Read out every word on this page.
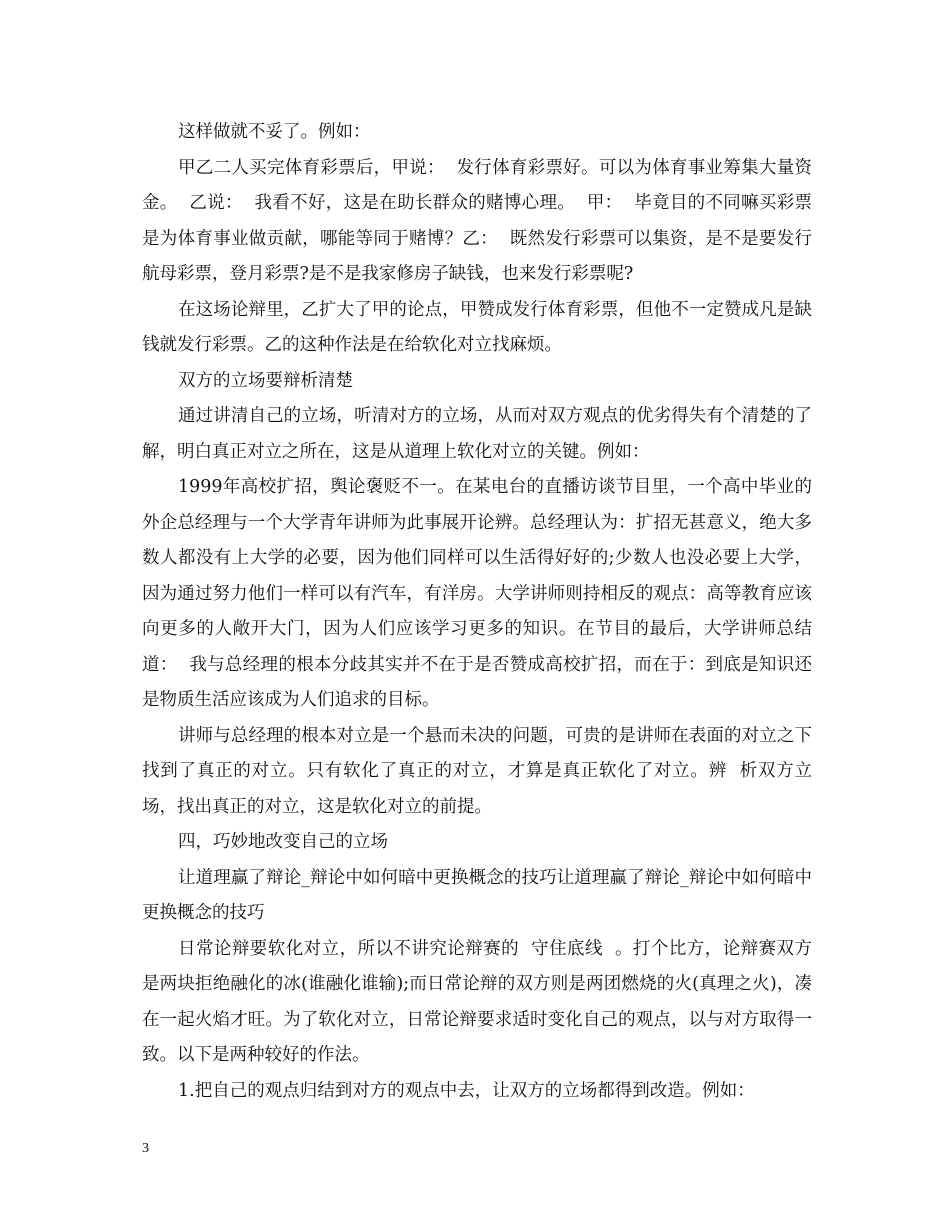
这样做就不妥了。例如：

甲乙二人买完体育彩票后，甲说：  发行体育彩票好。可以为体育事业筹集大量资金。  乙说：  我看不好，这是在助长群众的赌博心理。  甲：  毕竟目的不同嘛买彩票是为体育事业做贡献，哪能等同于赌博？乙：  既然发行彩票可以集资，是不是要发行航母彩票，登月彩票?是不是我家修房子缺钱，也来发行彩票呢?

在这场论辩里，乙扩大了甲的论点，甲赞成发行体育彩票，但他不一定赞成凡是缺钱就发行彩票。乙的这种作法是在给软化对立找麻烦。

双方的立场要辩析清楚

通过讲清自己的立场，听清对方的立场，从而对双方观点的优劣得失有个清楚的了解，明白真正对立之所在，这是从道理上软化对立的关键。例如：

1999年高校扩招，舆论褒贬不一。在某电台的直播访谈节目里，一个高中毕业的外企总经理与一个大学青年讲师为此事展开论辨。总经理认为：扩招无甚意义，绝大多数人都没有上大学的必要，因为他们同样可以生活得好好的;少数人也没必要上大学，因为通过努力他们一样可以有汽车，有洋房。大学讲师则持相反的观点：高等教育应该向更多的人敞开大门，因为人们应该学习更多的知识。在节目的最后，大学讲师总结道：  我与总经理的根本分歧其实并不在于是否赞成高校扩招，而在于：到底是知识还是物质生活应该成为人们追求的目标。

讲师与总经理的根本对立是一个悬而未决的问题，可贵的是讲师在表面的对立之下找到了真正的对立。只有软化了真正的对立，才算是真正软化了对立。辨  析双方立场，找出真正的对立，这是软化对立的前提。

四，巧妙地改变自己的立场

让道理赢了辩论_辩论中如何暗中更换概念的技巧让道理赢了辩论_辩论中如何暗中更换概念的技巧

日常论辩要软化对立，所以不讲究论辩赛的  守住底线  。打个比方，论辩赛双方是两块拒绝融化的冰(谁融化谁输);而日常论辩的双方则是两团燃烧的火(真理之火)，凑在一起火焰才旺。为了软化对立，日常论辩要求适时变化自己的观点，以与对方取得一致。以下是两种较好的作法。

1.把自己的观点归结到对方的观点中去，让双方的立场都得到改造。例如：

3
